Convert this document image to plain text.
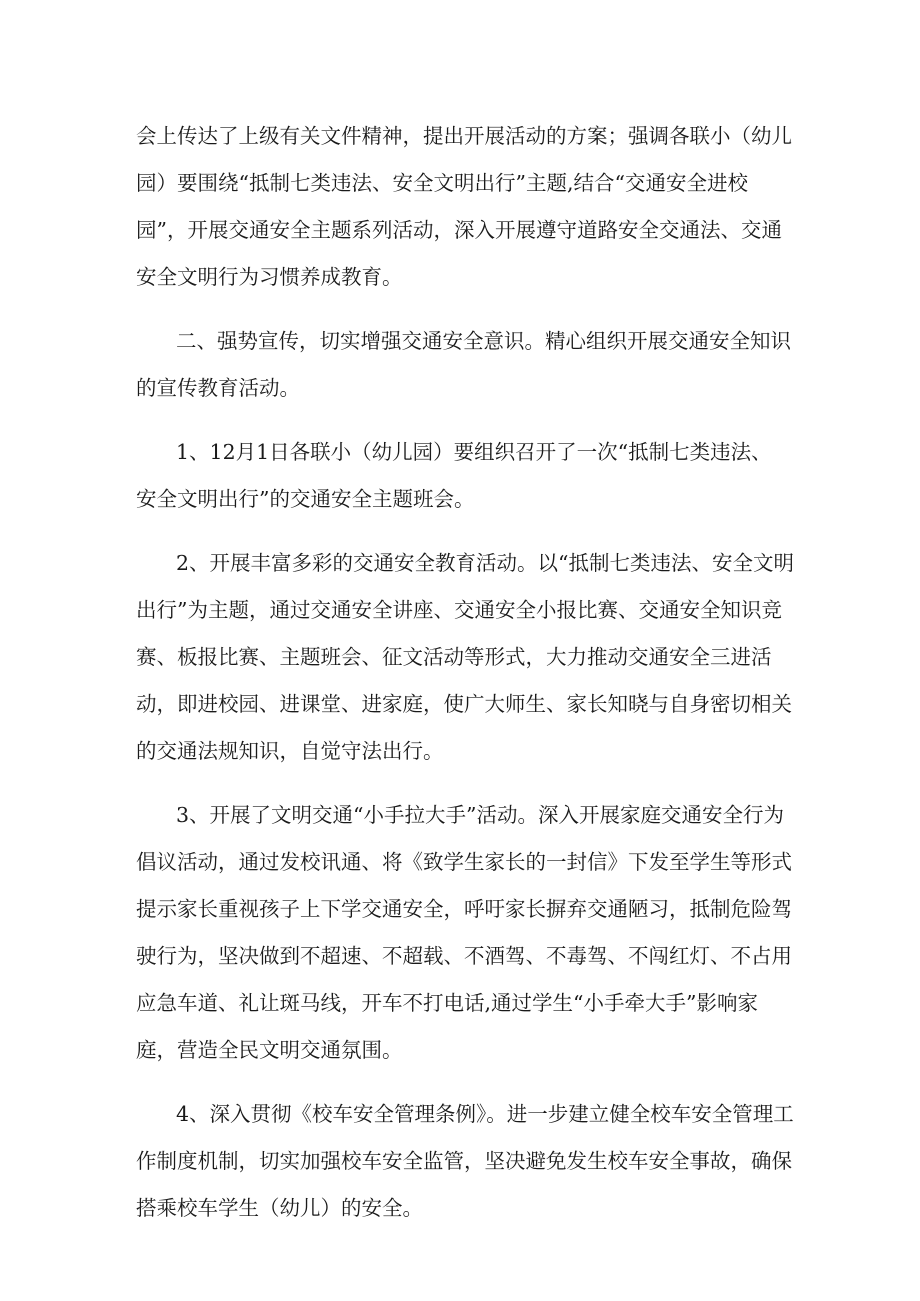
会上传达了上级有关文件精神，提出开展活动的方案；强调各联小（幼儿
园）要围绕“抵制七类违法、安全文明出行”主题,结合“交通安全进校
园”，开展交通安全主题系列活动，深入开展遵守道路安全交通法、交通
安全文明行为习惯养成教育。
二、强势宣传，切实增强交通安全意识。精心组织开展交通安全知识
的宣传教育活动。
1、12月1日各联小（幼儿园）要组织召开了一次“抵制七类违法、
安全文明出行”的交通安全主题班会。
2、开展丰富多彩的交通安全教育活动。以“抵制七类违法、安全文明
出行”为主题，通过交通安全讲座、交通安全小报比赛、交通安全知识竞
赛、板报比赛、主题班会、征文活动等形式，大力推动交通安全三进活
动，即进校园、进课堂、进家庭，使广大师生、家长知晓与自身密切相关
的交通法规知识，自觉守法出行。
3、开展了文明交通“小手拉大手”活动。深入开展家庭交通安全行为
倡议活动，通过发校讯通、将《致学生家长的一封信》下发至学生等形式
提示家长重视孩子上下学交通安全，呼吁家长摒弃交通陋习，抵制危险驾
驶行为，坚决做到不超速、不超载、不酒驾、不毒驾、不闯红灯、不占用
应急车道、礼让斑马线，开车不打电话,通过学生“小手牵大手”影响家
庭，营造全民文明交通氛围。
4、深入贯彻《校车安全管理条例》。进一步建立健全校车安全管理工
作制度机制，切实加强校车安全监管，坚决避免发生校车安全事故，确保
搭乘校车学生（幼儿）的安全。
